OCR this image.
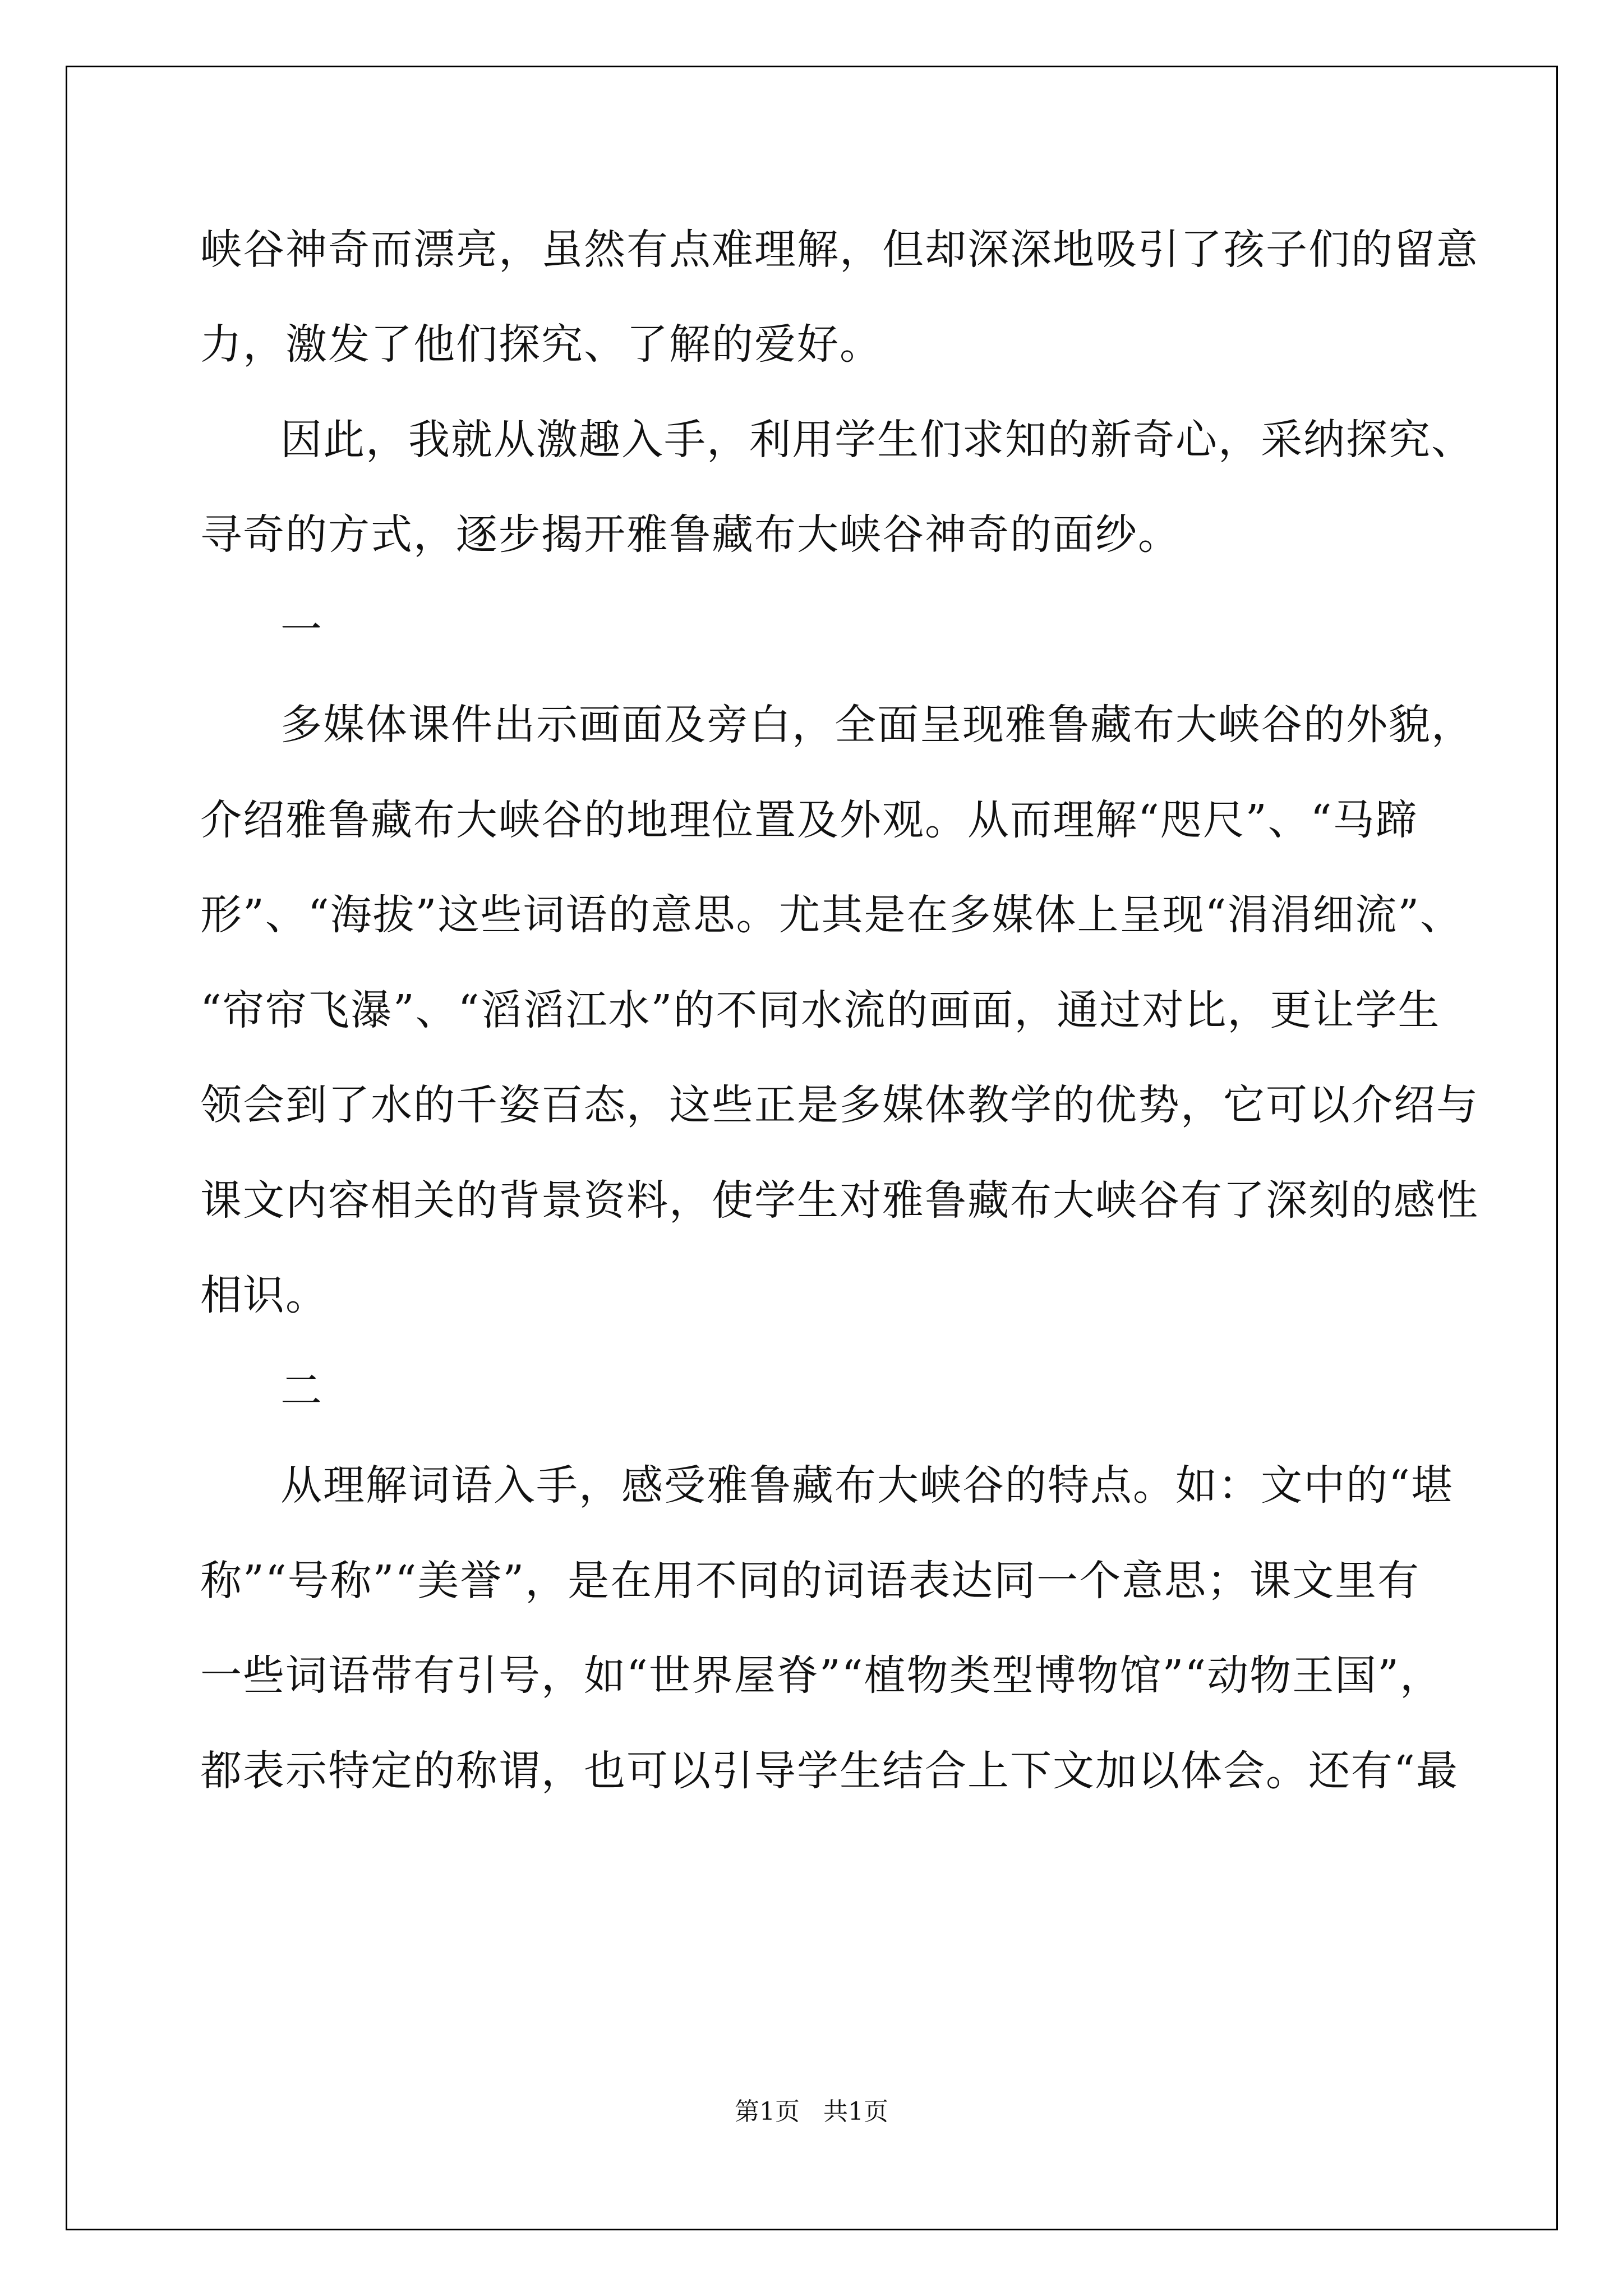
峡谷神奇而漂亮，虽然有点难理解，但却深深地吸引了孩子们的留意
力，激发了他们探究、了解的爱好。
因此，我就从激趣入手，利用学生们求知的新奇心，采纳探究、
寻奇的方式，逐步揭开雅鲁藏布大峡谷神奇的面纱。
一
多媒体课件出示画面及旁白，全面呈现雅鲁藏布大峡谷的外貌，
介绍雅鲁藏布大峡谷的地理位置及外观。从而理解“咫尺”、“马蹄
形”、“海拔”这些词语的意思。尤其是在多媒体上呈现“涓涓细流”、
“帘帘飞瀑”、“滔滔江水”的不同水流的画面，通过对比，更让学生
领会到了水的千姿百态，这些正是多媒体教学的优势，它可以介绍与
课文内容相关的背景资料，使学生对雅鲁藏布大峡谷有了深刻的感性
相识。
二
从理解词语入手，感受雅鲁藏布大峡谷的特点。如：文中的“堪
称”“号称”“美誉”，是在用不同的词语表达同一个意思；课文里有
一些词语带有引号，如“世界屋脊”“植物类型博物馆”“动物王国”，
都表示特定的称谓，也可以引导学生结合上下文加以体会。还有“最
第1页   共1页
